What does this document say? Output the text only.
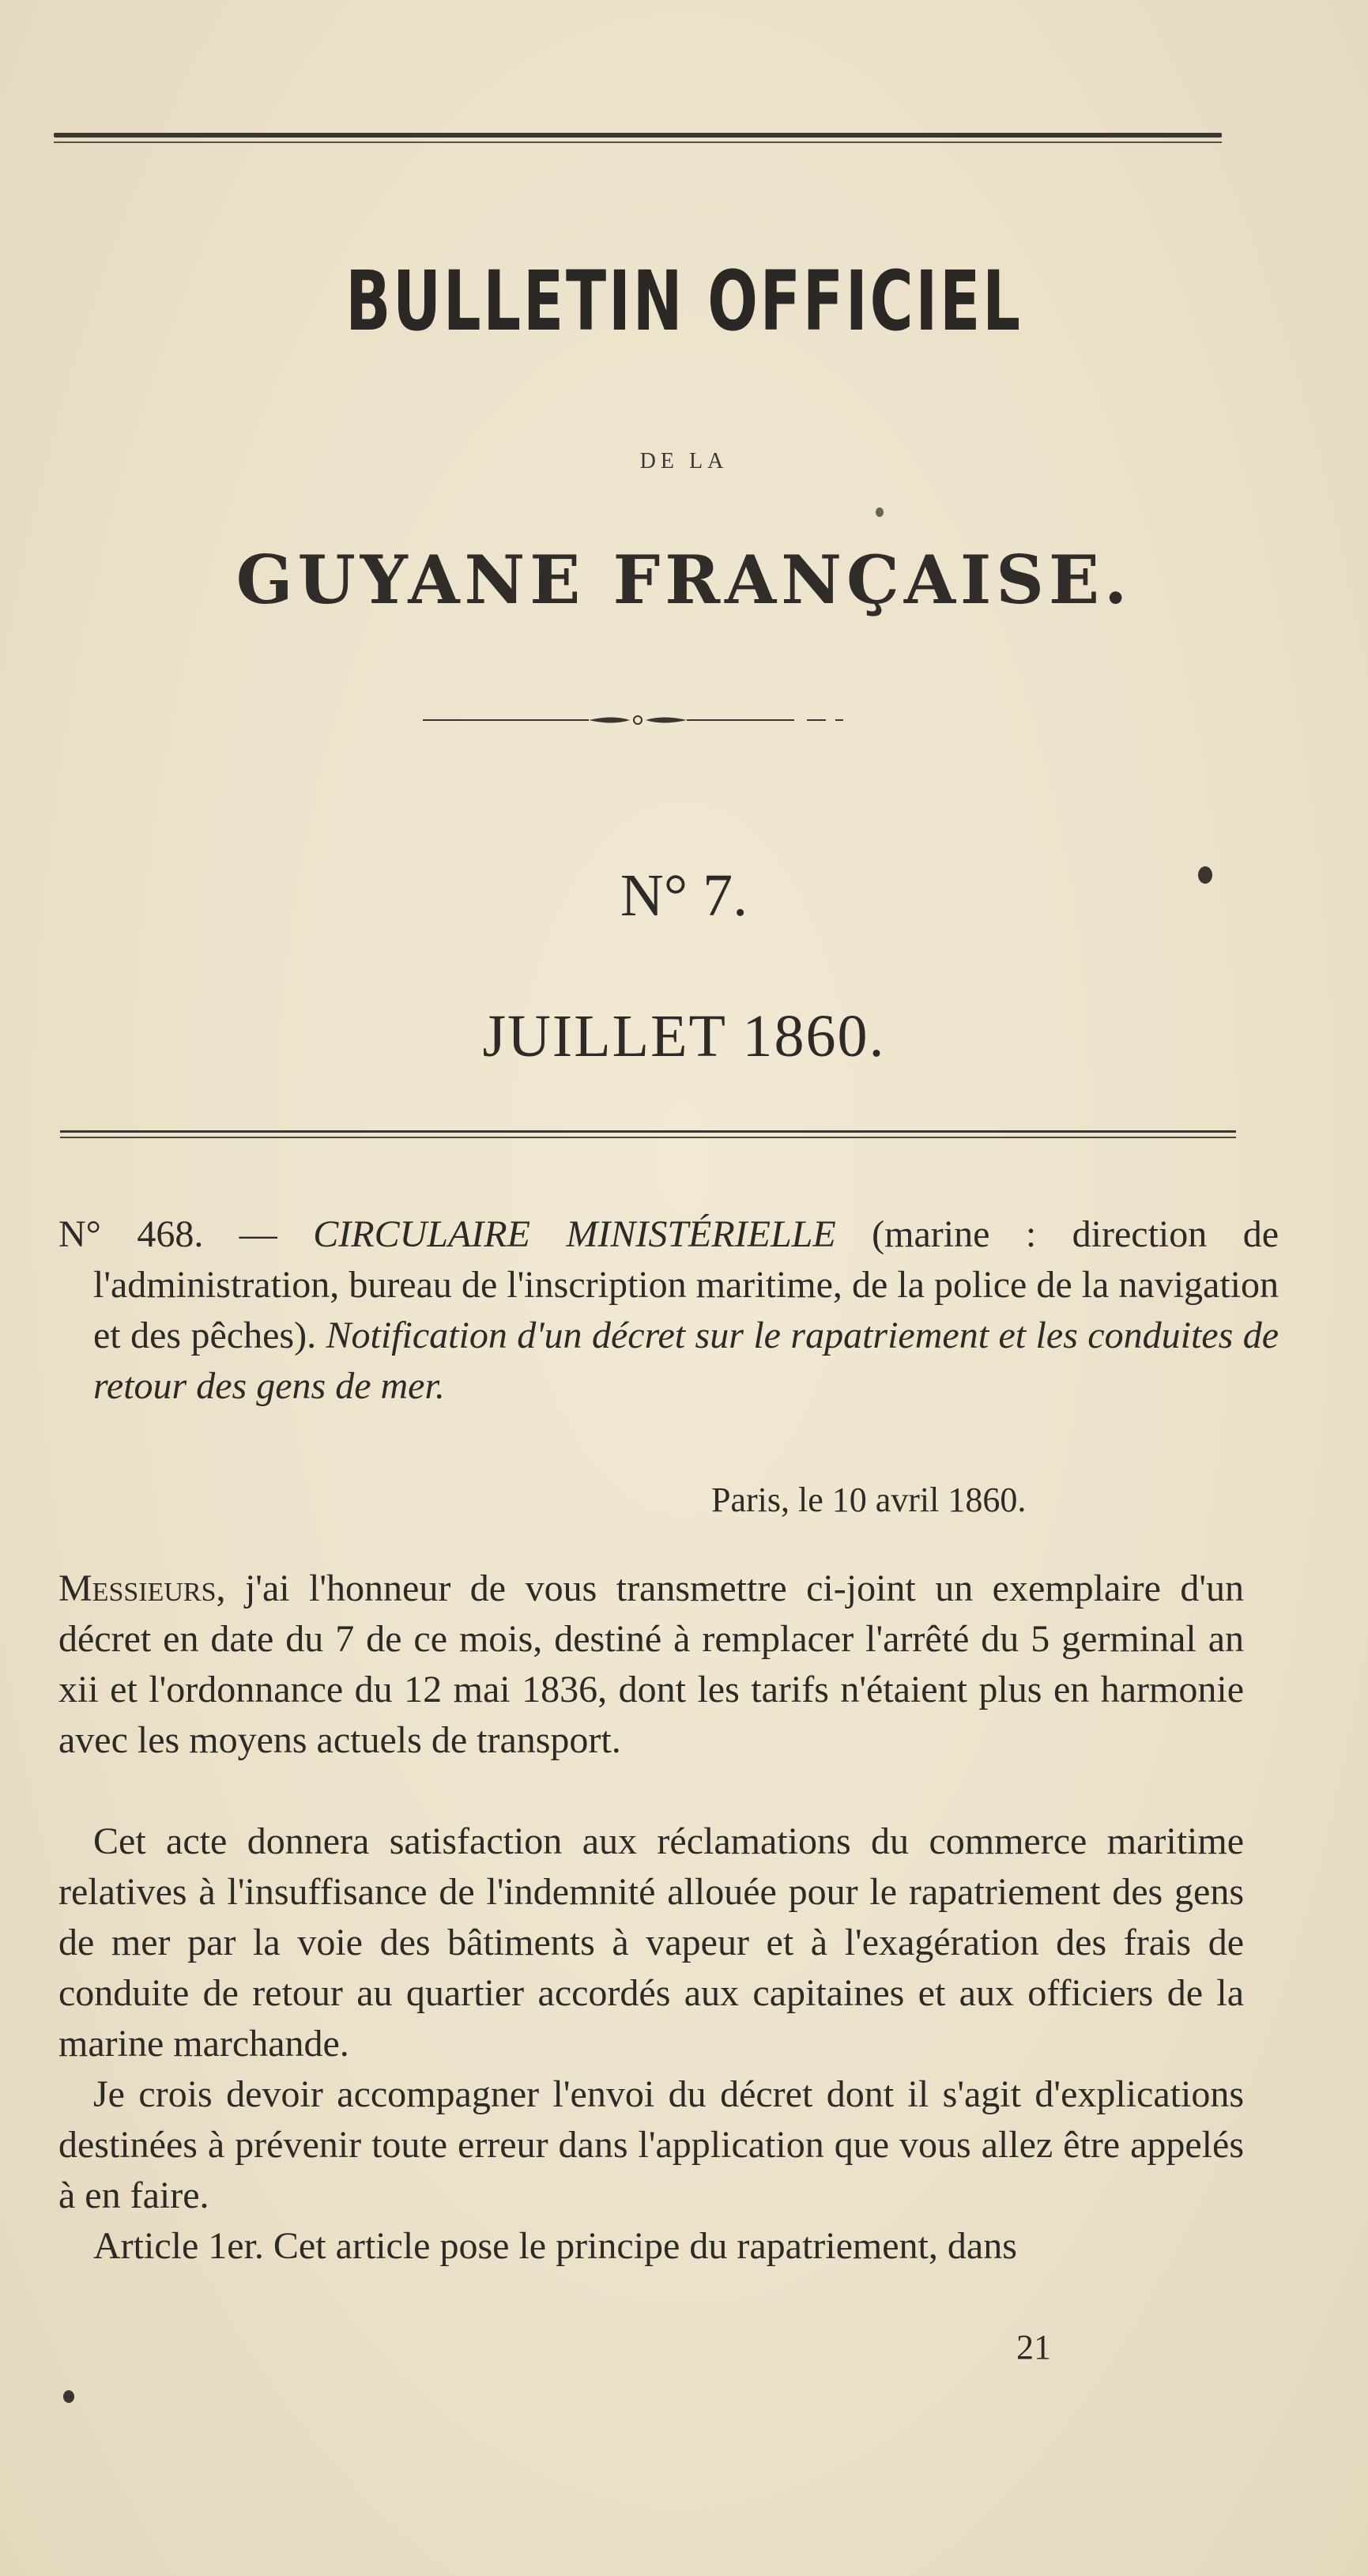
BULLETIN OFFICIEL
DE LA
GUYANE FRANÇAISE.
N° 7.
JUILLET 1860.
N° 468. — CIRCULAIRE MINISTÉRIELLE (marine : direction de l'administration, bureau de l'inscription maritime, de la police de la navigation et des pêches). Notification d'un décret sur le rapatriement et les conduites de retour des gens de mer.
Paris, le 10 avril 1860.
Messieurs, j'ai l'honneur de vous transmettre ci-joint un exemplaire d'un décret en date du 7 de ce mois, destiné à remplacer l'arrêté du 5 germinal an xii et l'ordonnance du 12 mai 1836, dont les tarifs n'étaient plus en harmonie avec les moyens actuels de transport.
Cet acte donnera satisfaction aux réclamations du commerce maritime relatives à l'insuffisance de l'indemnité allouée pour le rapatriement des gens de mer par la voie des bâtiments à vapeur et à l'exagération des frais de conduite de retour au quartier accordés aux capitaines et aux officiers de la marine marchande.
Je crois devoir accompagner l'envoi du décret dont il s'agit d'explications destinées à prévenir toute erreur dans l'application que vous allez être appelés à en faire.
Article 1er. Cet article pose le principe du rapatriement, dans
21
